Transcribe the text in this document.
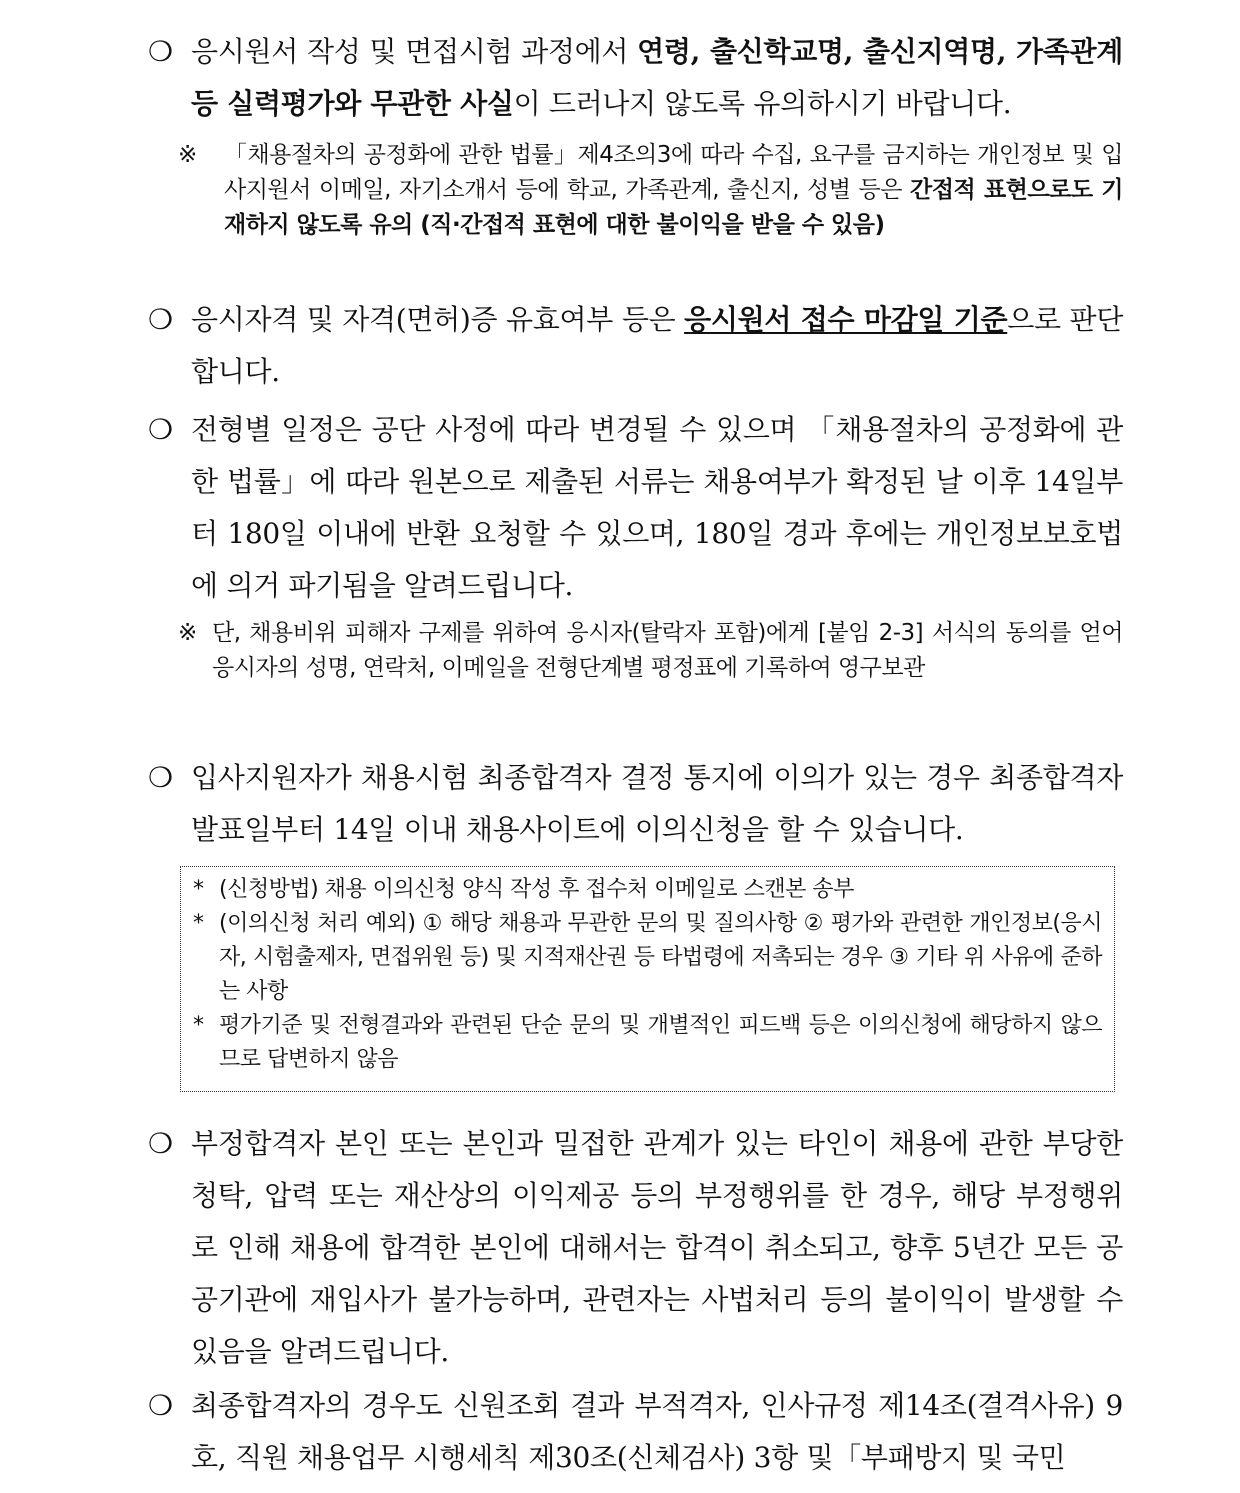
❍ 응시원서 작성 및 면접시험 과정에서 연령, 출신학교명, 출신지역명, 가족관계 등 실력평가와 무관한 사실이 드러나지 않도록 유의하시기 바랍니다.
※ 「채용절차의 공정화에 관한 법률」제4조의3에 따라 수집, 요구를 금지하는 개인정보 및 입사지원서 이메일, 자기소개서 등에 학교, 가족관계, 출신지, 성별 등은 간접적 표현으로도 기재하지 않도록 유의 (직·간접적 표현에 대한 불이익을 받을 수 있음)
❍ 응시자격 및 자격(면허)증 유효여부 등은 응시원서 접수 마감일 기준으로 판단합니다.
❍ 전형별 일정은 공단 사정에 따라 변경될 수 있으며 「채용절차의 공정화에 관한 법률」에 따라 원본으로 제출된 서류는 채용여부가 확정된 날 이후 14일부터 180일 이내에 반환 요청할 수 있으며, 180일 경과 후에는 개인정보보호법에 의거 파기됨을 알려드립니다.
※ 단, 채용비위 피해자 구제를 위하여 응시자(탈락자 포함)에게 [붙임 2-3] 서식의 동의를 얻어 응시자의 성명, 연락처, 이메일을 전형단계별 평정표에 기록하여 영구보관
❍ 입사지원자가 채용시험 최종합격자 결정 통지에 이의가 있는 경우 최종합격자 발표일부터 14일 이내 채용사이트에 이의신청을 할 수 있습니다.
* (신청방법) 채용 이의신청 양식 작성 후 접수처 이메일로 스캔본 송부
* (이의신청 처리 예외) ① 해당 채용과 무관한 문의 및 질의사항 ② 평가와 관련한 개인정보(응시자, 시험출제자, 면접위원 등) 및 지적재산권 등 타법령에 저촉되는 경우 ③ 기타 위 사유에 준하는 사항
* 평가기준 및 전형결과와 관련된 단순 문의 및 개별적인 피드백 등은 이의신청에 해당하지 않으므로 답변하지 않음
❍ 부정합격자 본인 또는 본인과 밀접한 관계가 있는 타인이 채용에 관한 부당한 청탁, 압력 또는 재산상의 이익제공 등의 부정행위를 한 경우, 해당 부정행위로 인해 채용에 합격한 본인에 대해서는 합격이 취소되고, 향후 5년간 모든 공공기관에 재입사가 불가능하며, 관련자는 사법처리 등의 불이익이 발생할 수 있음을 알려드립니다.
❍ 최종합격자의 경우도 신원조회 결과 부적격자, 인사규정 제14조(결격사유) 9호, 직원 채용업무 시행세칙 제30조(신체검사) 3항 및「부패방지 및 국민
